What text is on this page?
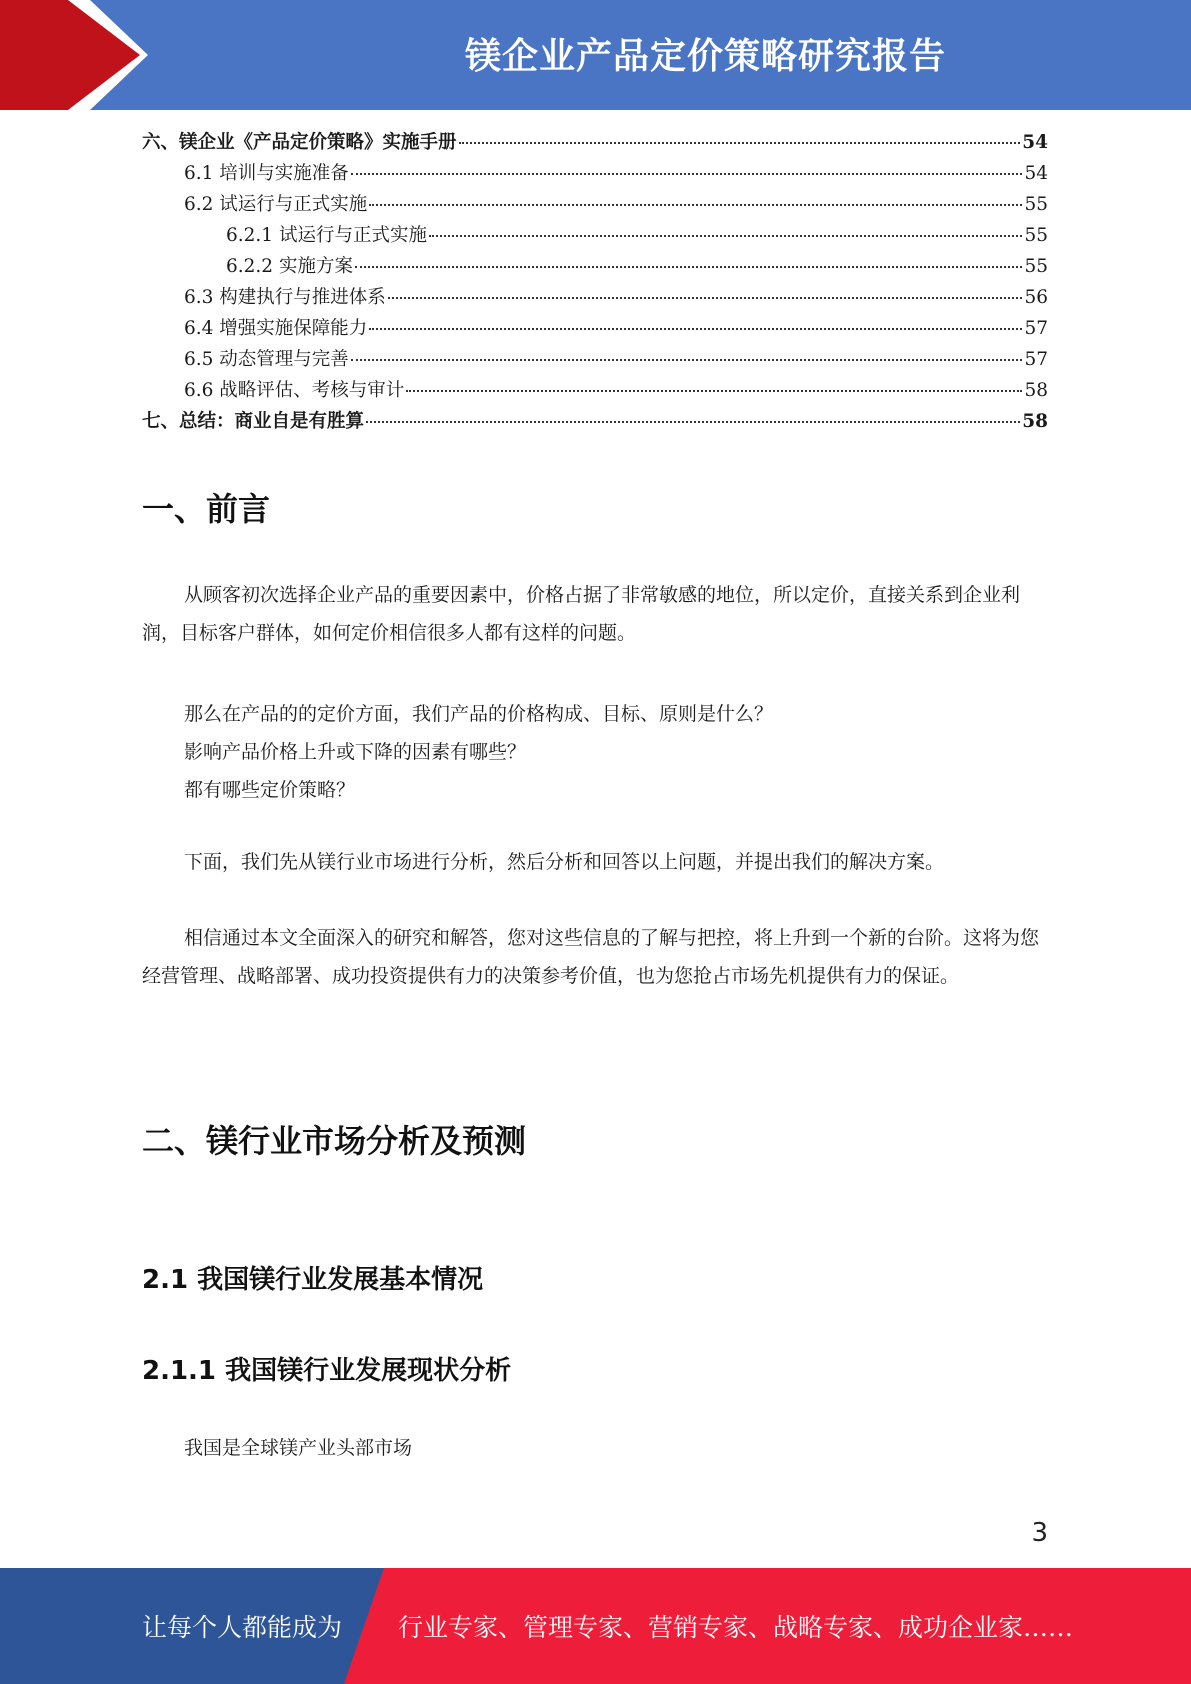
镁企业产品定价策略研究报告
六、镁企业《产品定价策略》实施手册	54
6.1 培训与实施准备	54
6.2 试运行与正式实施	55
6.2.1 试运行与正式实施	55
6.2.2 实施方案	55
6.3 构建执行与推进体系	56
6.4 增强实施保障能力	57
6.5 动态管理与完善	57
6.6 战略评估、考核与审计	58
七、总结：商业自是有胜算	58
一、前言

从顾客初次选择企业产品的重要因素中，价格占据了非常敏感的地位，所以定价，直接关系到企业利润，目标客户群体，如何定价相信很多人都有这样的问题。

那么在产品的的定价方面，我们产品的价格构成、目标、原则是什么？

影响产品价格上升或下降的因素有哪些？

都有哪些定价策略？

下面，我们先从镁行业市场进行分析，然后分析和回答以上问题，并提出我们的解决方案。

相信通过本文全面深入的研究和解答，您对这些信息的了解与把控，将上升到一个新的台阶。这将为您经营管理、战略部署、成功投资提供有力的决策参考价值，也为您抢占市场先机提供有力的保证。

二、镁行业市场分析及预测
2.1 我国镁行业发展基本情况
2.1.1 我国镁行业发展现状分析

我国是全球镁产业头部市场

3
让每个人都能成为 行业专家、管理专家、营销专家、战略专家、成功企业家……
